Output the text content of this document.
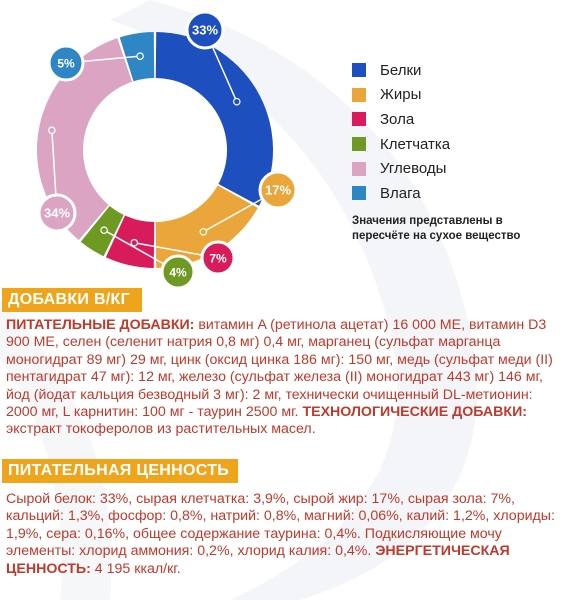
33%
17%
7%
4%
34%
5%	Белки
Жиры
Зола
Клетчатка
Углеводы
Влага
Значения представлены в пересчёте на сухое вещество
ДОБАВКИ В/КГ

ПИТАТЕЛЬНЫЕ ДОБАВКИ: витамин A (ретинола ацетат) 16 000 МЕ, витамин D3 900 МЕ, селен (селенит натрия 0,8 мг) 0,4 мг, марганец (сульфат марганца моногидрат 89 мг) 29 мг, цинк (оксид цинка 186 мг): 150 мг, медь (сульфат меди (II) пентагидрат 47 мг): 12 мг, железо (сульфат железа (II) моногидрат 443 мг) 146 мг, йод (йодат кальция безводный 3 мг): 2 мг, технически очищенный DL-метионин: 2000 мг, L карнитин: 100 мг - таурин 2500 мг. ТЕХНОЛОГИЧЕСКИЕ ДОБАВКИ: экстракт токоферолов из растительных масел.

ПИТАТЕЛЬНАЯ ЦЕННОСТЬ

Сырой белок: 33%, сырая клетчатка: 3,9%, сырой жир: 17%, сырая зола: 7%, кальций: 1,3%, фосфор: 0,8%, натрий: 0,8%, магний: 0,06%, калий: 1,2%, хлориды: 1,9%, сера: 0,16%, общее содержание таурина: 0,4%. Подкисляющие мочу элементы: хлорид аммония: 0,2%, хлорид калия: 0,4%. ЭНЕРГЕТИЧЕСКАЯ ЦЕННОСТЬ: 4 195 ккал/кг.
